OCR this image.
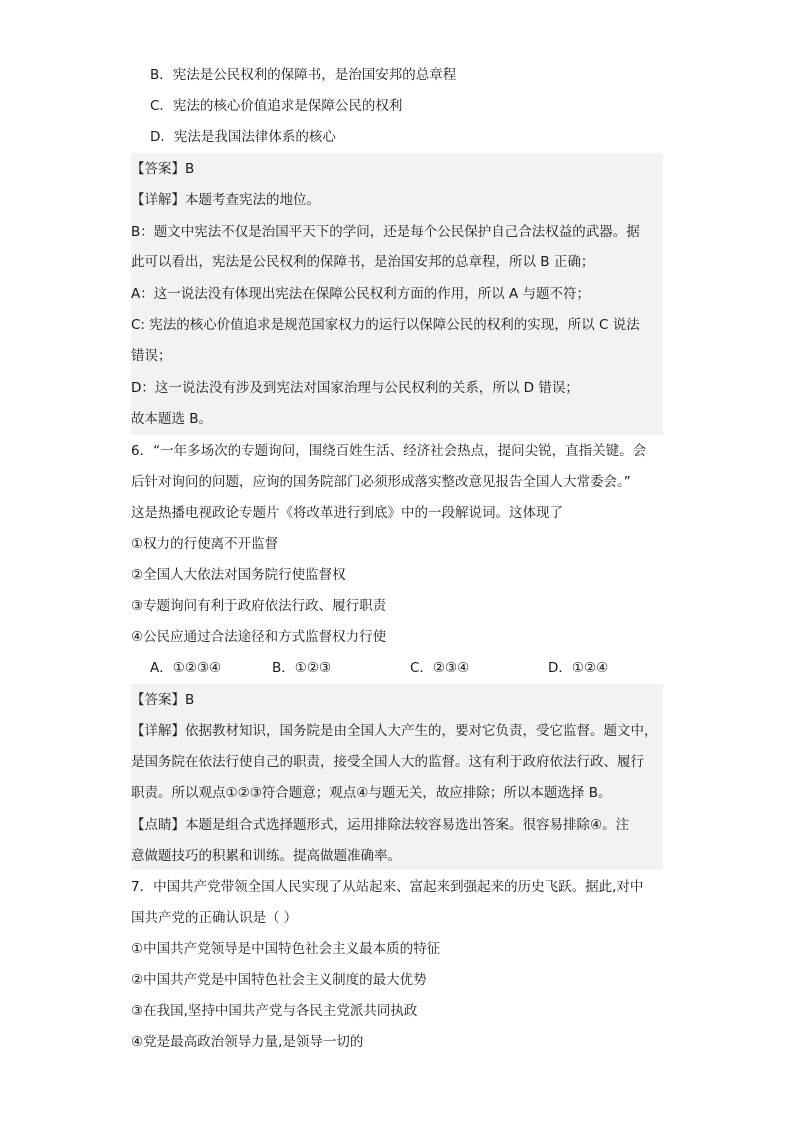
B．宪法是公民权利的保障书，是治国安邦的总章程
C．宪法的核心价值追求是保障公民的权利
D．宪法是我国法律体系的核心
【答案】B
【详解】本题考查宪法的地位。
B：题文中宪法不仅是治国平天下的学问，还是每个公民保护自己合法权益的武器。据
此可以看出，宪法是公民权利的保障书，是治国安邦的总章程，所以 B 正确；
A：这一说法没有体现出宪法在保障公民权利方面的作用，所以 A 与题不符；
C: 宪法的核心价值追求是规范国家权力的运行以保障公民的权利的实现，所以 C 说法
错误；
D：这一说法没有涉及到宪法对国家治理与公民权利的关系，所以 D 错误；
故本题选 B。
6．“一年多场次的专题询问，围绕百姓生活、经济社会热点，提问尖锐，直指关键。会
后针对询问的问题，应询的国务院部门必须形成落实整改意见报告全国人大常委会。”
这是热播电视政论专题片《将改革进行到底》中的一段解说词。这体现了
①权力的行使离不开监督
②全国人大依法对国务院行使监督权
③专题询问有利于政府依法行政、履行职责
④公民应通过合法途径和方式监督权力行使
A．①②③④	B．①②③	C．②③④	D．①②④
【答案】B
【详解】依据教材知识，国务院是由全国人大产生的，要对它负责，受它监督。题文中，
是国务院在依法行使自己的职责，接受全国人大的监督。这有利于政府依法行政、履行
职责。所以观点①②③符合题意；观点④与题无关，故应排除；所以本题选择 B。
【点睛】本题是组合式选择题形式，运用排除法较容易选出答案。很容易排除④。注
意做题技巧的积累和训练。提高做题准确率。
7．中国共产党带领全国人民实现了从站起来、富起来到强起来的历史飞跃。据此,对中
国共产党的正确认识是（ ）
①中国共产党领导是中国特色社会主义最本质的特征
②中国共产党是中国特色社会主义制度的最大优势
③在我国,坚持中国共产党与各民主党派共同执政
④党是最高政治领导力量,是领导一切的
